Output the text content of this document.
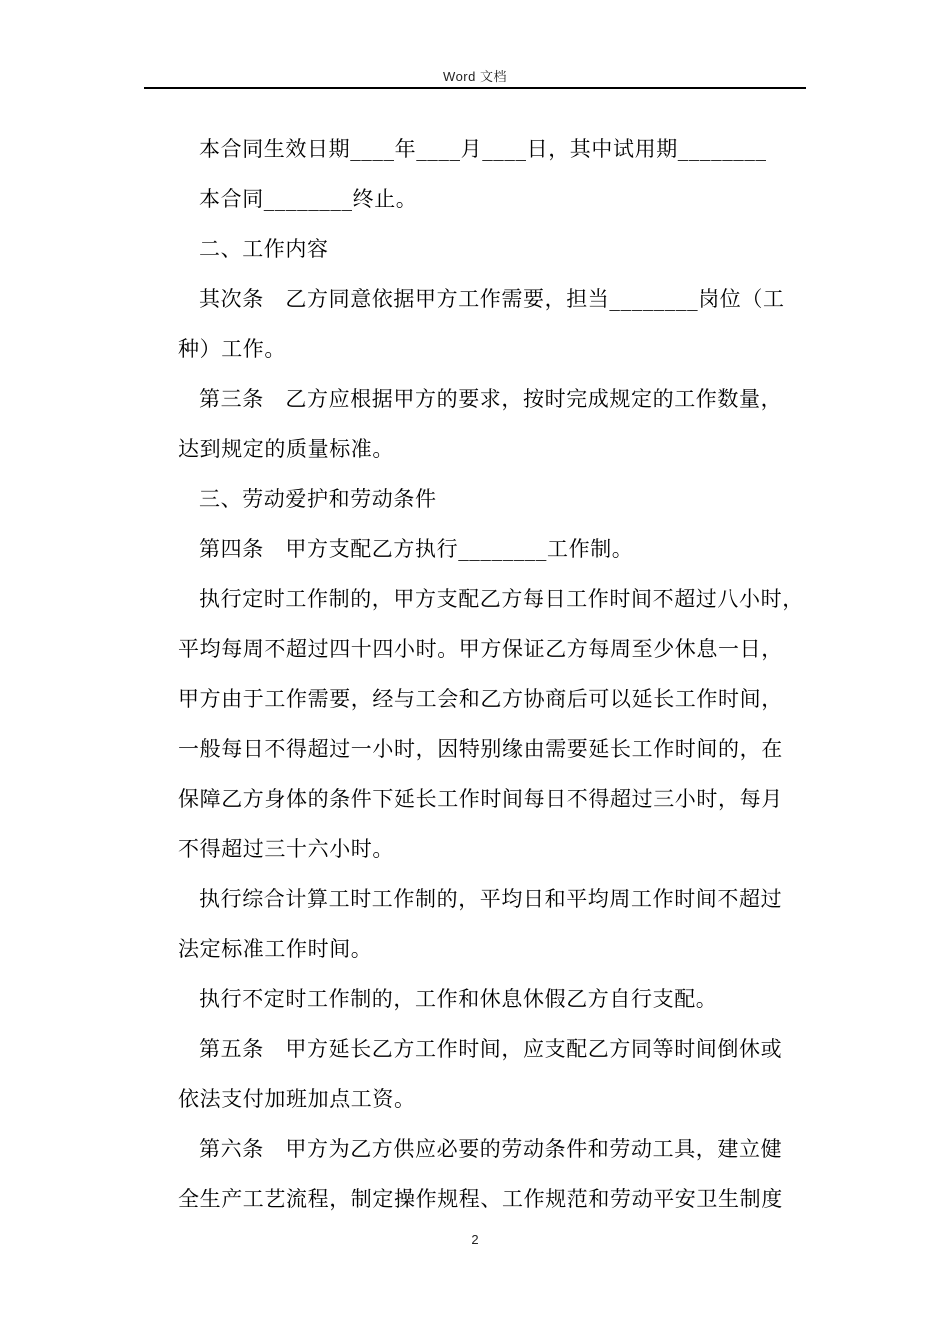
Word 文档
本合同生效日期____年____月____日，其中试用期________
本合同________终止。
二、工作内容
其次条　乙方同意依据甲方工作需要，担当________岗位（工
种）工作。
第三条　乙方应根据甲方的要求，按时完成规定的工作数量，
达到规定的质量标准。
三、劳动爱护和劳动条件
第四条　甲方支配乙方执行________工作制。
执行定时工作制的，甲方支配乙方每日工作时间不超过八小时，
平均每周不超过四十四小时。甲方保证乙方每周至少休息一日，
甲方由于工作需要，经与工会和乙方协商后可以延长工作时间，
一般每日不得超过一小时，因特别缘由需要延长工作时间的，在
保障乙方身体的条件下延长工作时间每日不得超过三小时，每月
不得超过三十六小时。
执行综合计算工时工作制的，平均日和平均周工作时间不超过
法定标准工作时间。
执行不定时工作制的，工作和休息休假乙方自行支配。
第五条　甲方延长乙方工作时间，应支配乙方同等时间倒休或
依法支付加班加点工资。
第六条　甲方为乙方供应必要的劳动条件和劳动工具，建立健
全生产工艺流程，制定操作规程、工作规范和劳动平安卫生制度
2
